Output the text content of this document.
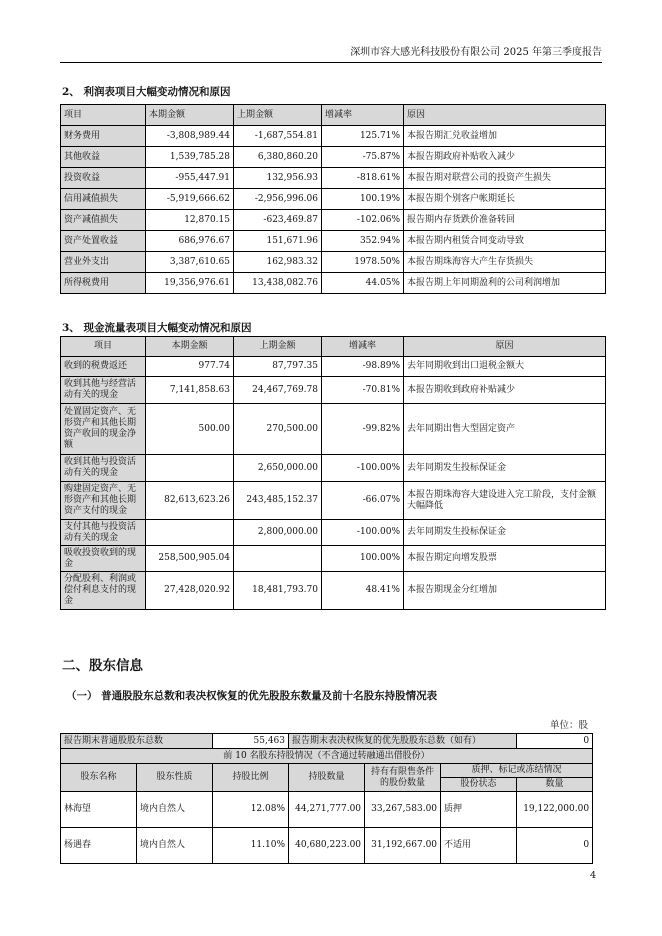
深圳市容大感光科技股份有限公司 2025 年第三季度报告
2、 利润表项目大幅变动情况和原因
项目	本期金额	上期金额	增减率	原因
财务费用	-3,808,989.44	-1,687,554.81	125.71%	本报告期汇兑收益增加
其他收益	1,539,785.28	6,380,860.20	-75.87%	本报告期政府补贴收入减少
投资收益	-955,447.91	132,956.93	-818.61%	本报告期对联营公司的投资产生损失
信用减值损失	-5,919,666.62	-2,956,996.06	100.19%	本报告期个别客户帐期延长
资产减值损失	12,870.15	-623,469.87	-102.06%	报告期内存货跌价准备转回
资产处置收益	686,976.67	151,671.96	352.94%	本报告期内租赁合同变动导致
营业外支出	3,387,610.65	162,983.32	1978.50%	本报告期珠海容大产生存货损失
所得税费用	19,356,976.61	13,438,082.76	44.05%	本报告期上年同期盈利的公司利润增加
3、 现金流量表项目大幅变动情况和原因
项目	本期金额	上期金额	增减率	原因
收到的税费返还	977.74	87,797.35	-98.89%	去年同期收到出口退税金额大
收到其他与经营活动有关的现金	7,141,858.63	24,467,769.78	-70.81%	本报告期收到政府补贴减少
处置固定资产、无形资产和其他长期资产收回的现金净额	500.00	270,500.00	-99.82%	去年同期出售大型固定资产
收到其他与投资活动有关的现金		2,650,000.00	-100.00%	去年同期发生投标保证金
购建固定资产、无形资产和其他长期资产支付的现金	82,613,623.26	243,485,152.37	-66.07%	本报告期珠海容大建设进入完工阶段，支付金额大幅降低
支付其他与投资活动有关的现金		2,800,000.00	-100.00%	去年同期发生投标保证金
吸收投资收到的现金	258,500,905.04		100.00%	本报告期定向增发股票
分配股利、利润或偿付利息支付的现金	27,428,020.92	18,481,793.70	48.41%	本报告期现金分红增加
二、股东信息
（一） 普通股股东总数和表决权恢复的优先股股东数量及前十名股东持股情况表
单位：股
报告期末普通股股东总数		55,463	报告期末表决权恢复的优先股股东总数（如有）			0
前 10 名股东持股情况（不含通过转融通出借股份）						
股东名称	股东性质	持股比例	持股数量	持有有限售条件的股份数量	质押、标记或冻结情况	
					股份状态	数量
林海望	境内自然人	12.08%	44,271,777.00	33,267,583.00	质押	19,122,000.00
杨遇春	境内自然人	11.10%	40,680,223.00	31,192,667.00	不适用	0
4
